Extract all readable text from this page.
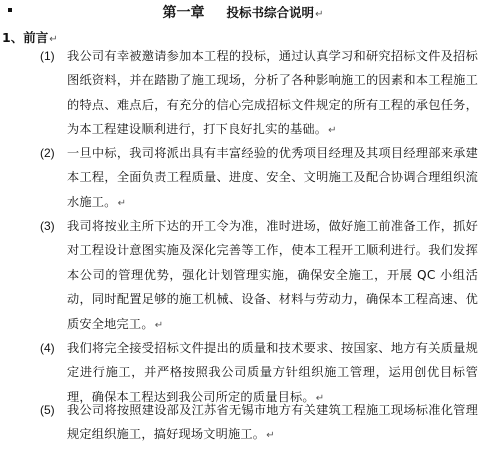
第一章 投标书综合说明↵
1、前言↵
(1) 我公司有幸被邀请参加本工程的投标，通过认真学习和研究招标文件及招标图纸资料，并在踏勘了施工现场，分析了各种影响施工的因素和本工程施工的特点、难点后，有充分的信心完成招标文件规定的所有工程的承包任务，为本工程建设顺利进行，打下良好扎实的基础。↵
(2) 一旦中标，我司将派出具有丰富经验的优秀项目经理及其项目经理部来承建本工程，全面负责工程质量、进度、安全、文明施工及配合协调合理组织流水施工。↵
(3) 我司将按业主所下达的开工令为准，准时进场，做好施工前准备工作，抓好对工程设计意图实施及深化完善等工作，使本工程开工顺利进行。我们发挥本公司的管理优势，强化计划管理实施，确保安全施工，开展 QC 小组活动，同时配置足够的施工机械、设备、材料与劳动力，确保本工程高速、优质安全地完工。↵
(4) 我们将完全接受招标文件提出的质量和技术要求、按国家、地方有关质量规定进行施工，并严格按照我公司质量方针组织施工管理，运用创优目标管理，确保本工程达到我公司所定的质量目标。↵
(5) 我公司将按照建设部及江苏省无锡市地方有关建筑工程施工现场标准化管理规定组织施工，搞好现场文明施工。↵
